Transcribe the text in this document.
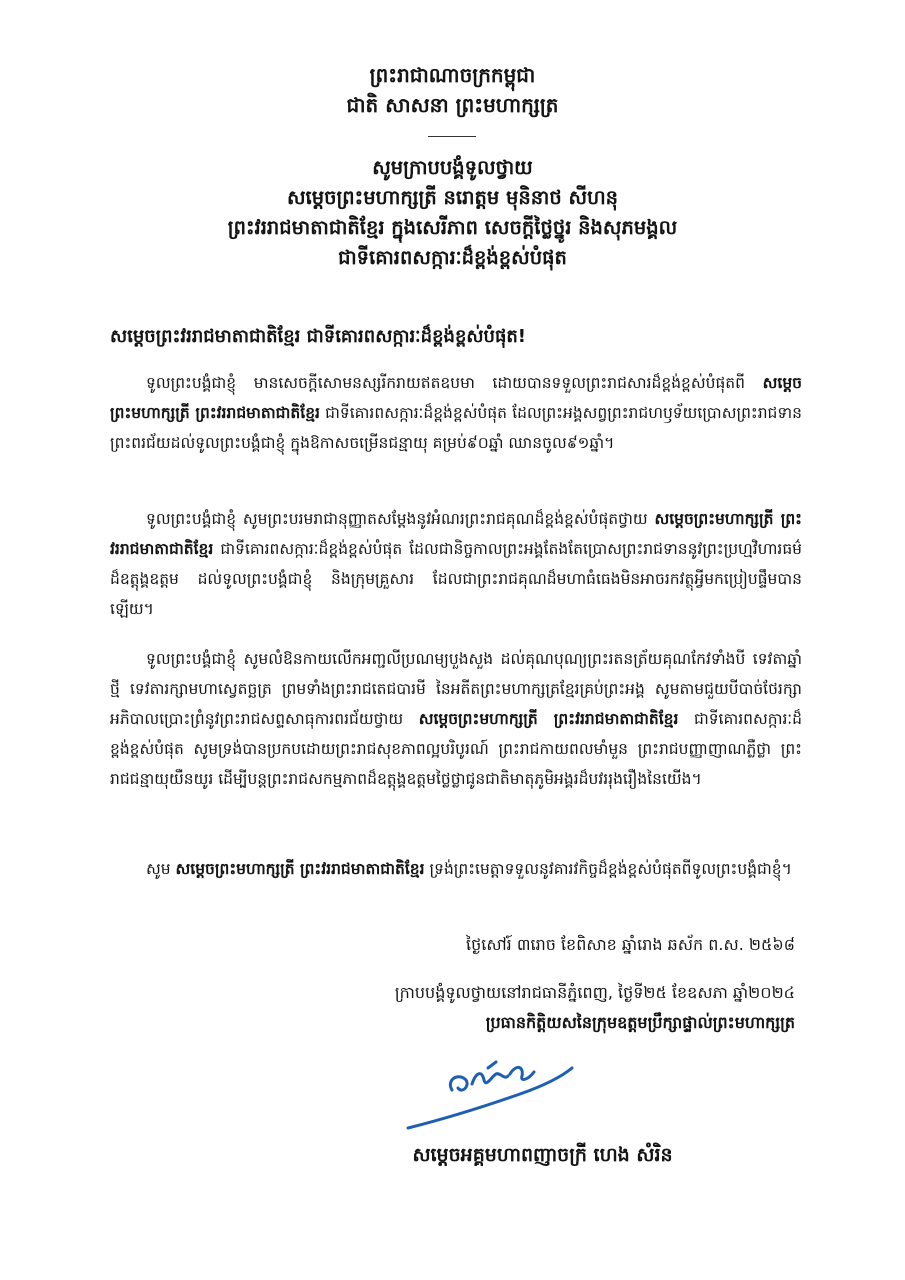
ព្រះរាជាណាចក្រកម្ពុជា

ជាតិ សាសនា ព្រះមហាក្សត្រ

សូមក្រាបបង្គំទូលថ្វាយ

សម្តេចព្រះមហាក្សត្រី នរោត្តម មុនិនាថ សីហនុ

ព្រះវររាជមាតាជាតិខ្មែរ ក្នុងសេរីភាព សេចក្តីថ្លៃថ្នូរ និងសុភមង្គល

ជាទីគោរពសក្ការៈដ៏ខ្ពង់ខ្ពស់បំផុត

សម្តេចព្រះវររាជមាតាជាតិខ្មែរ ជាទីគោរពសក្ការៈដ៏ខ្ពង់ខ្ពស់បំផុត!

ទូលព្រះបង្គំជាខ្ញុំ មានសេចក្តីសោមនស្សរីករាយឥតឧបមា ដោយបានទទួលព្រះរាជសារដ៏ខ្ពង់ខ្ពស់បំផុតពី សម្តេចព្រះមហាក្សត្រី ព្រះវររាជមាតាជាតិខ្មែរ ជាទីគោរពសក្ការៈដ៏ខ្ពង់ខ្ពស់បំផុត ដែលព្រះអង្គសព្វព្រះរាជហឫទ័យប្រោសព្រះរាជទានព្រះពរជ័យដល់ទូលព្រះបង្គំជាខ្ញុំ ក្នុងឱកាសចម្រើនជន្មាយុ គម្រប់៩០ឆ្នាំ ឈានចូល៩១ឆ្នាំ។

ទូលព្រះបង្គំជាខ្ញុំ សូមព្រះបរមរាជានុញ្ញាតសម្តែងនូវអំណរព្រះរាជគុណដ៏ខ្ពង់ខ្ពស់បំផុតថ្វាយ សម្តេចព្រះមហាក្សត្រី ព្រះវររាជមាតាជាតិខ្មែរ ជាទីគោរពសក្ការៈដ៏ខ្ពង់ខ្ពស់បំផុត ដែលជានិច្ចកាលព្រះអង្គតែងតែប្រោសព្រះរាជទាននូវព្រះប្រហ្មវិហារធម៌ដ៏ឧត្តុង្គឧត្តម ដល់ទូលព្រះបង្គំជាខ្ញុំ និងក្រុមគ្រួសារ ដែលជាព្រះរាជគុណដ៏មហាធំធេងមិនអាចរកវត្ថុអ្វីមកប្រៀបផ្ទឹមបានឡើយ។

ទូលព្រះបង្គំជាខ្ញុំ សូមលំឱនកាយលើកអញ្ជលីប្រណម្យបួងសួង ដល់គុណបុណ្យព្រះរតនត្រ័យគុណកែវទាំងបី ទេវតាឆ្នាំថ្មី ទេវតារក្សាមហាស្វេតច្ឆត្រ ព្រមទាំងព្រះរាជតេជបារមី នៃអតីតព្រះមហាក្សត្រខ្មែរគ្រប់ព្រះអង្គ សូមតាមជួយបីបាច់ថែរក្សាអភិបាលប្រោះព្រំនូវព្រះរាជសព្ទសាធុការពរជ័យថ្វាយ សម្តេចព្រះមហាក្សត្រី ព្រះវររាជមាតាជាតិខ្មែរ ជាទីគោរពសក្ការៈដ៏ខ្ពង់ខ្ពស់បំផុត សូមទ្រង់បានប្រកបដោយព្រះរាជសុខភាពល្អបរិបូរណ៍ ព្រះរាជកាយពលមាំមួន ព្រះរាជបញ្ញាញាណភ្លឺថ្លា ព្រះរាជជន្មាយុយឺនយូរ ដើម្បីបន្តព្រះរាជសកម្មភាពដ៏ឧត្តុង្គឧត្តមថ្លៃថ្លាជូនជាតិមាតុភូមិអង្គរដ៏បវររុងរឿងនៃយើង។

សូម សម្តេចព្រះមហាក្សត្រី ព្រះវររាជមាតាជាតិខ្មែរ ទ្រង់ព្រះមេត្តាទទួលនូវគារវកិច្ចដ៏ខ្ពង់ខ្ពស់បំផុតពីទូលព្រះបង្គំជាខ្ញុំ។

ថ្ងៃសៅរ៍ ៣រោច ខែពិសាខ ឆ្នាំរោង ឆស័ក ព.ស. ២៥៦៨

ក្រាបបង្គំទូលថ្វាយនៅរាជធានីភ្នំពេញ, ថ្ងៃទី២៥ ខែឧសភា ឆ្នាំ២០២៤

ប្រធានកិត្តិយសនៃក្រុមឧត្តមប្រឹក្សាផ្ទាល់ព្រះមហាក្សត្រ

សម្តេចអគ្គមហាពញាចក្រី ហេង សំរិន
